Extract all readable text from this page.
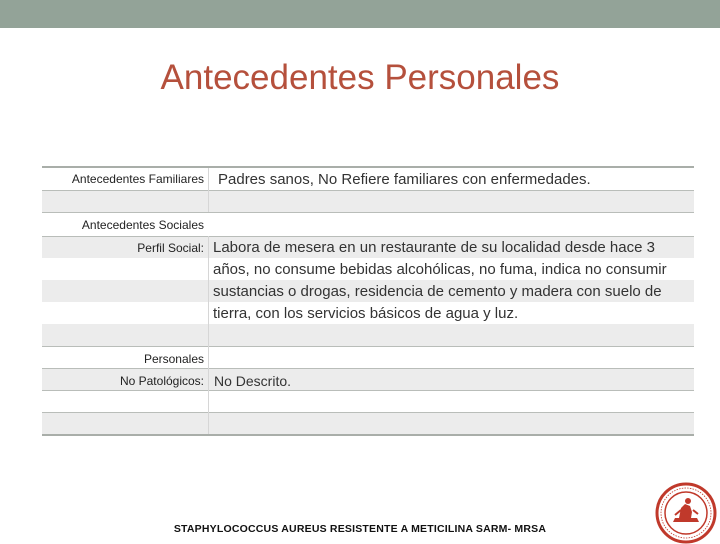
Antecedentes Personales
Antecedentes Familiares Padres sanos, No Refiere familiares con enfermedades.
Antecedentes Sociales
Perfil Social: Labora de mesera en un restaurante de su localidad desde hace 3 años, no consume bebidas alcohólicas, no fuma, indica no consumir sustancias o drogas, residencia de cemento y madera con suelo de tierra, con los servicios básicos de agua y luz.
Personales
No Patológicos: No Descrito.
STAPHYLOCOCCUS AUREUS RESISTENTE A METICILINA SARM- MRSA
